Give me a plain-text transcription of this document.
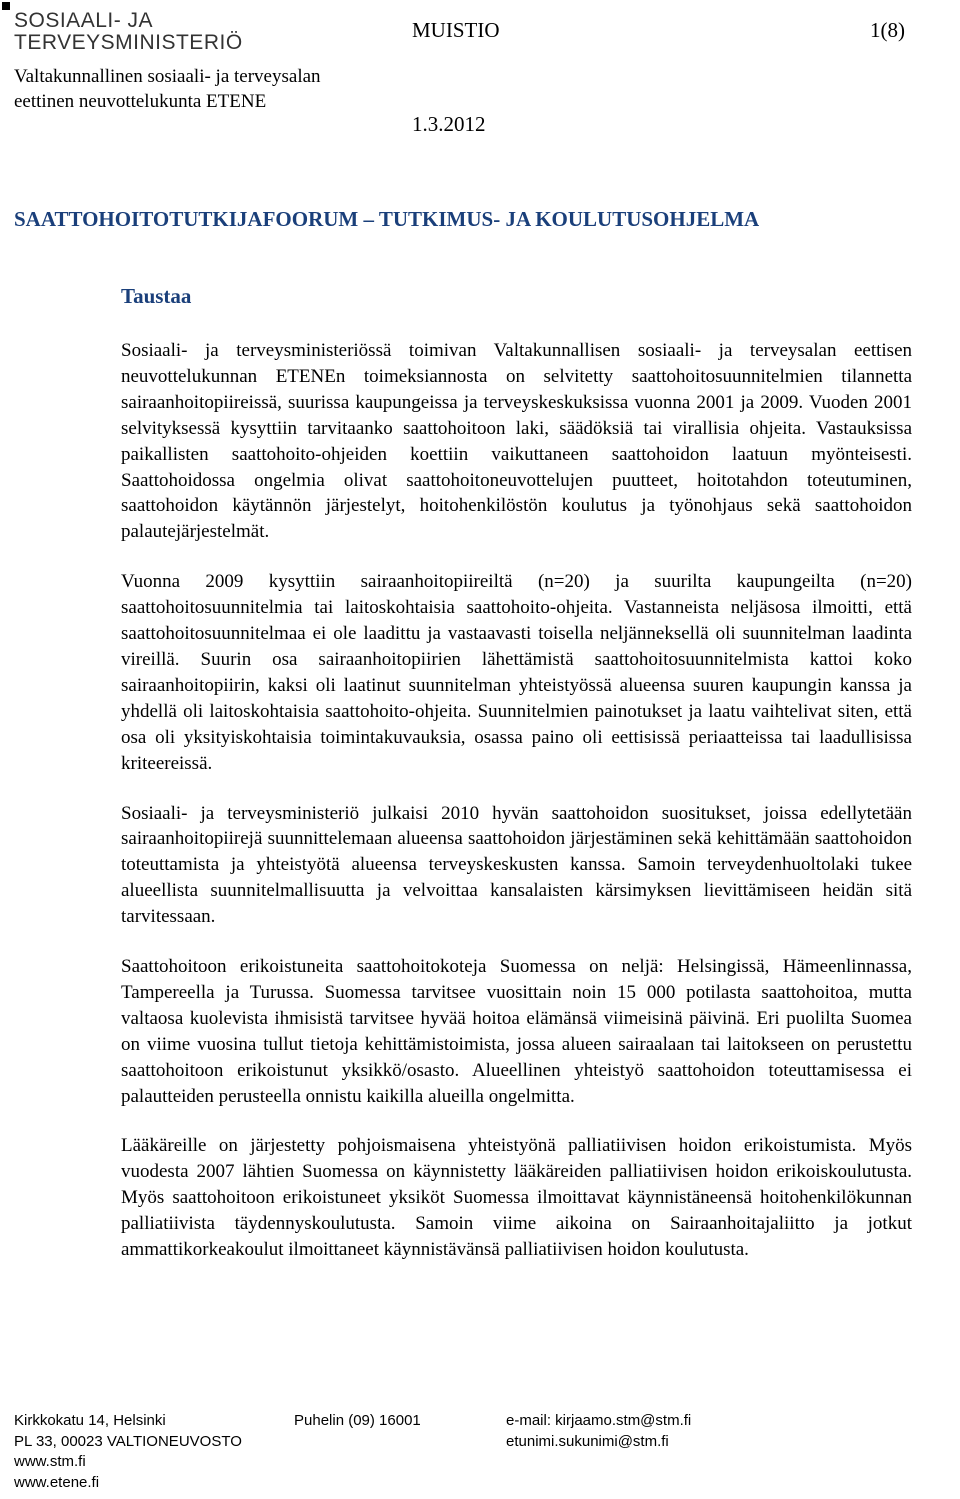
SOSIAALI- JA
TERVEYSMINISTERIÖ
Valtakunnallinen sosiaali- ja terveysalan
eettinen neuvottelukunta ETENE
MUISTIO	1(8)
1.3.2012
SAATTOHOITOTUTKIJAFOORUM – TUTKIMUS- JA KOULUTUSOHJELMA
Taustaa

Sosiaali- ja terveysministeriössä toimivan Valtakunnallisen sosiaali- ja terveysalan eettisen neuvottelukunnan ETENEn toimeksiannosta on selvitetty saattohoitosuunnitelmien tilannetta sairaanhoitopiireissä, suurissa kaupungeissa ja terveyskeskuksissa vuonna 2001 ja 2009. Vuoden 2001 selvityksessä kysyttiin tarvitaanko saattohoitoon laki, säädöksiä tai virallisia ohjeita. Vastauksissa paikallisten saattohoito-ohjeiden koettiin vaikuttaneen saattohoidon laatuun myönteisesti. Saattohoidossa ongelmia olivat saattohoitoneuvottelujen puutteet, hoitotahdon toteutuminen, saattohoidon käytännön järjestelyt, hoitohenkilöstön koulutus ja työnohjaus sekä saattohoidon palautejärjestelmät.

Vuonna 2009 kysyttiin sairaanhoitopiireiltä (n=20) ja suurilta kaupungeilta (n=20) saattohoitosuunnitelmia tai laitoskohtaisia saattohoito-ohjeita. Vastanneista neljäsosa ilmoitti, että saattohoitosuunnitelmaa ei ole laadittu ja vastaavasti toisella neljänneksellä oli suunnitelman laadinta vireillä. Suurin osa sairaanhoitopiirien lähettämistä saattohoitosuunnitelmista kattoi koko sairaanhoitopiirin, kaksi oli laatinut suunnitelman yhteistyössä alueensa suuren kaupungin kanssa ja yhdellä oli laitoskohtaisia saattohoito-ohjeita. Suunnitelmien painotukset ja laatu vaihtelivat siten, että osa oli yksityiskohtaisia toimintakuvauksia, osassa paino oli eettisissä periaatteissa tai laadullisissa kriteereissä.

Sosiaali- ja terveysministeriö julkaisi 2010 hyvän saattohoidon suositukset, joissa edellytetään sairaanhoitopiirejä suunnittelemaan alueensa saattohoidon järjestäminen sekä kehittämään saattohoidon toteuttamista ja yhteistyötä alueensa terveyskeskusten kanssa. Samoin terveydenhuoltolaki tukee alueellista suunnitelmallisuutta ja velvoittaa kansalaisten kärsimyksen lievittämiseen heidän sitä tarvitessaan.

Saattohoitoon erikoistuneita saattohoitokoteja Suomessa on neljä: Helsingissä, Hämeenlinnassa, Tampereella ja Turussa. Suomessa tarvitsee vuosittain noin 15 000 potilasta saattohoitoa, mutta valtaosa kuolevista ihmisistä tarvitsee hyvää hoitoa elämänsä viimeisinä päivinä. Eri puolilta Suomea on viime vuosina tullut tietoja kehittämistoimista, jossa alueen sairaalaan tai laitokseen on perustettu saattohoitoon erikoistunut yksikkö/osasto. Alueellinen yhteistyö saattohoidon toteuttamisessa ei palautteiden perusteella onnistu kaikilla alueilla ongelmitta.

Lääkäreille on järjestetty pohjoismaisena yhteistyönä palliatiivisen hoidon erikoistumista. Myös vuodesta 2007 lähtien Suomessa on käynnistetty lääkäreiden palliatiivisen hoidon erikoiskoulutusta. Myös saattohoitoon erikoistuneet yksiköt Suomessa ilmoittavat käynnistäneensä hoitohenkilökunnan palliatiivista täydennyskoulutusta. Samoin viime aikoina on Sairaanhoitajaliitto ja jotkut ammattikorkeakoulut ilmoittaneet käynnistävänsä palliatiivisen hoidon koulutusta.

Kirkkokatu 14, Helsinki
PL 33, 00023 VALTIONEUVOSTO
www.stm.fi
www.etene.fi
Puhelin (09) 16001	e-mail: kirjaamo.stm@stm.fi
etunimi.sukunimi@stm.fi
